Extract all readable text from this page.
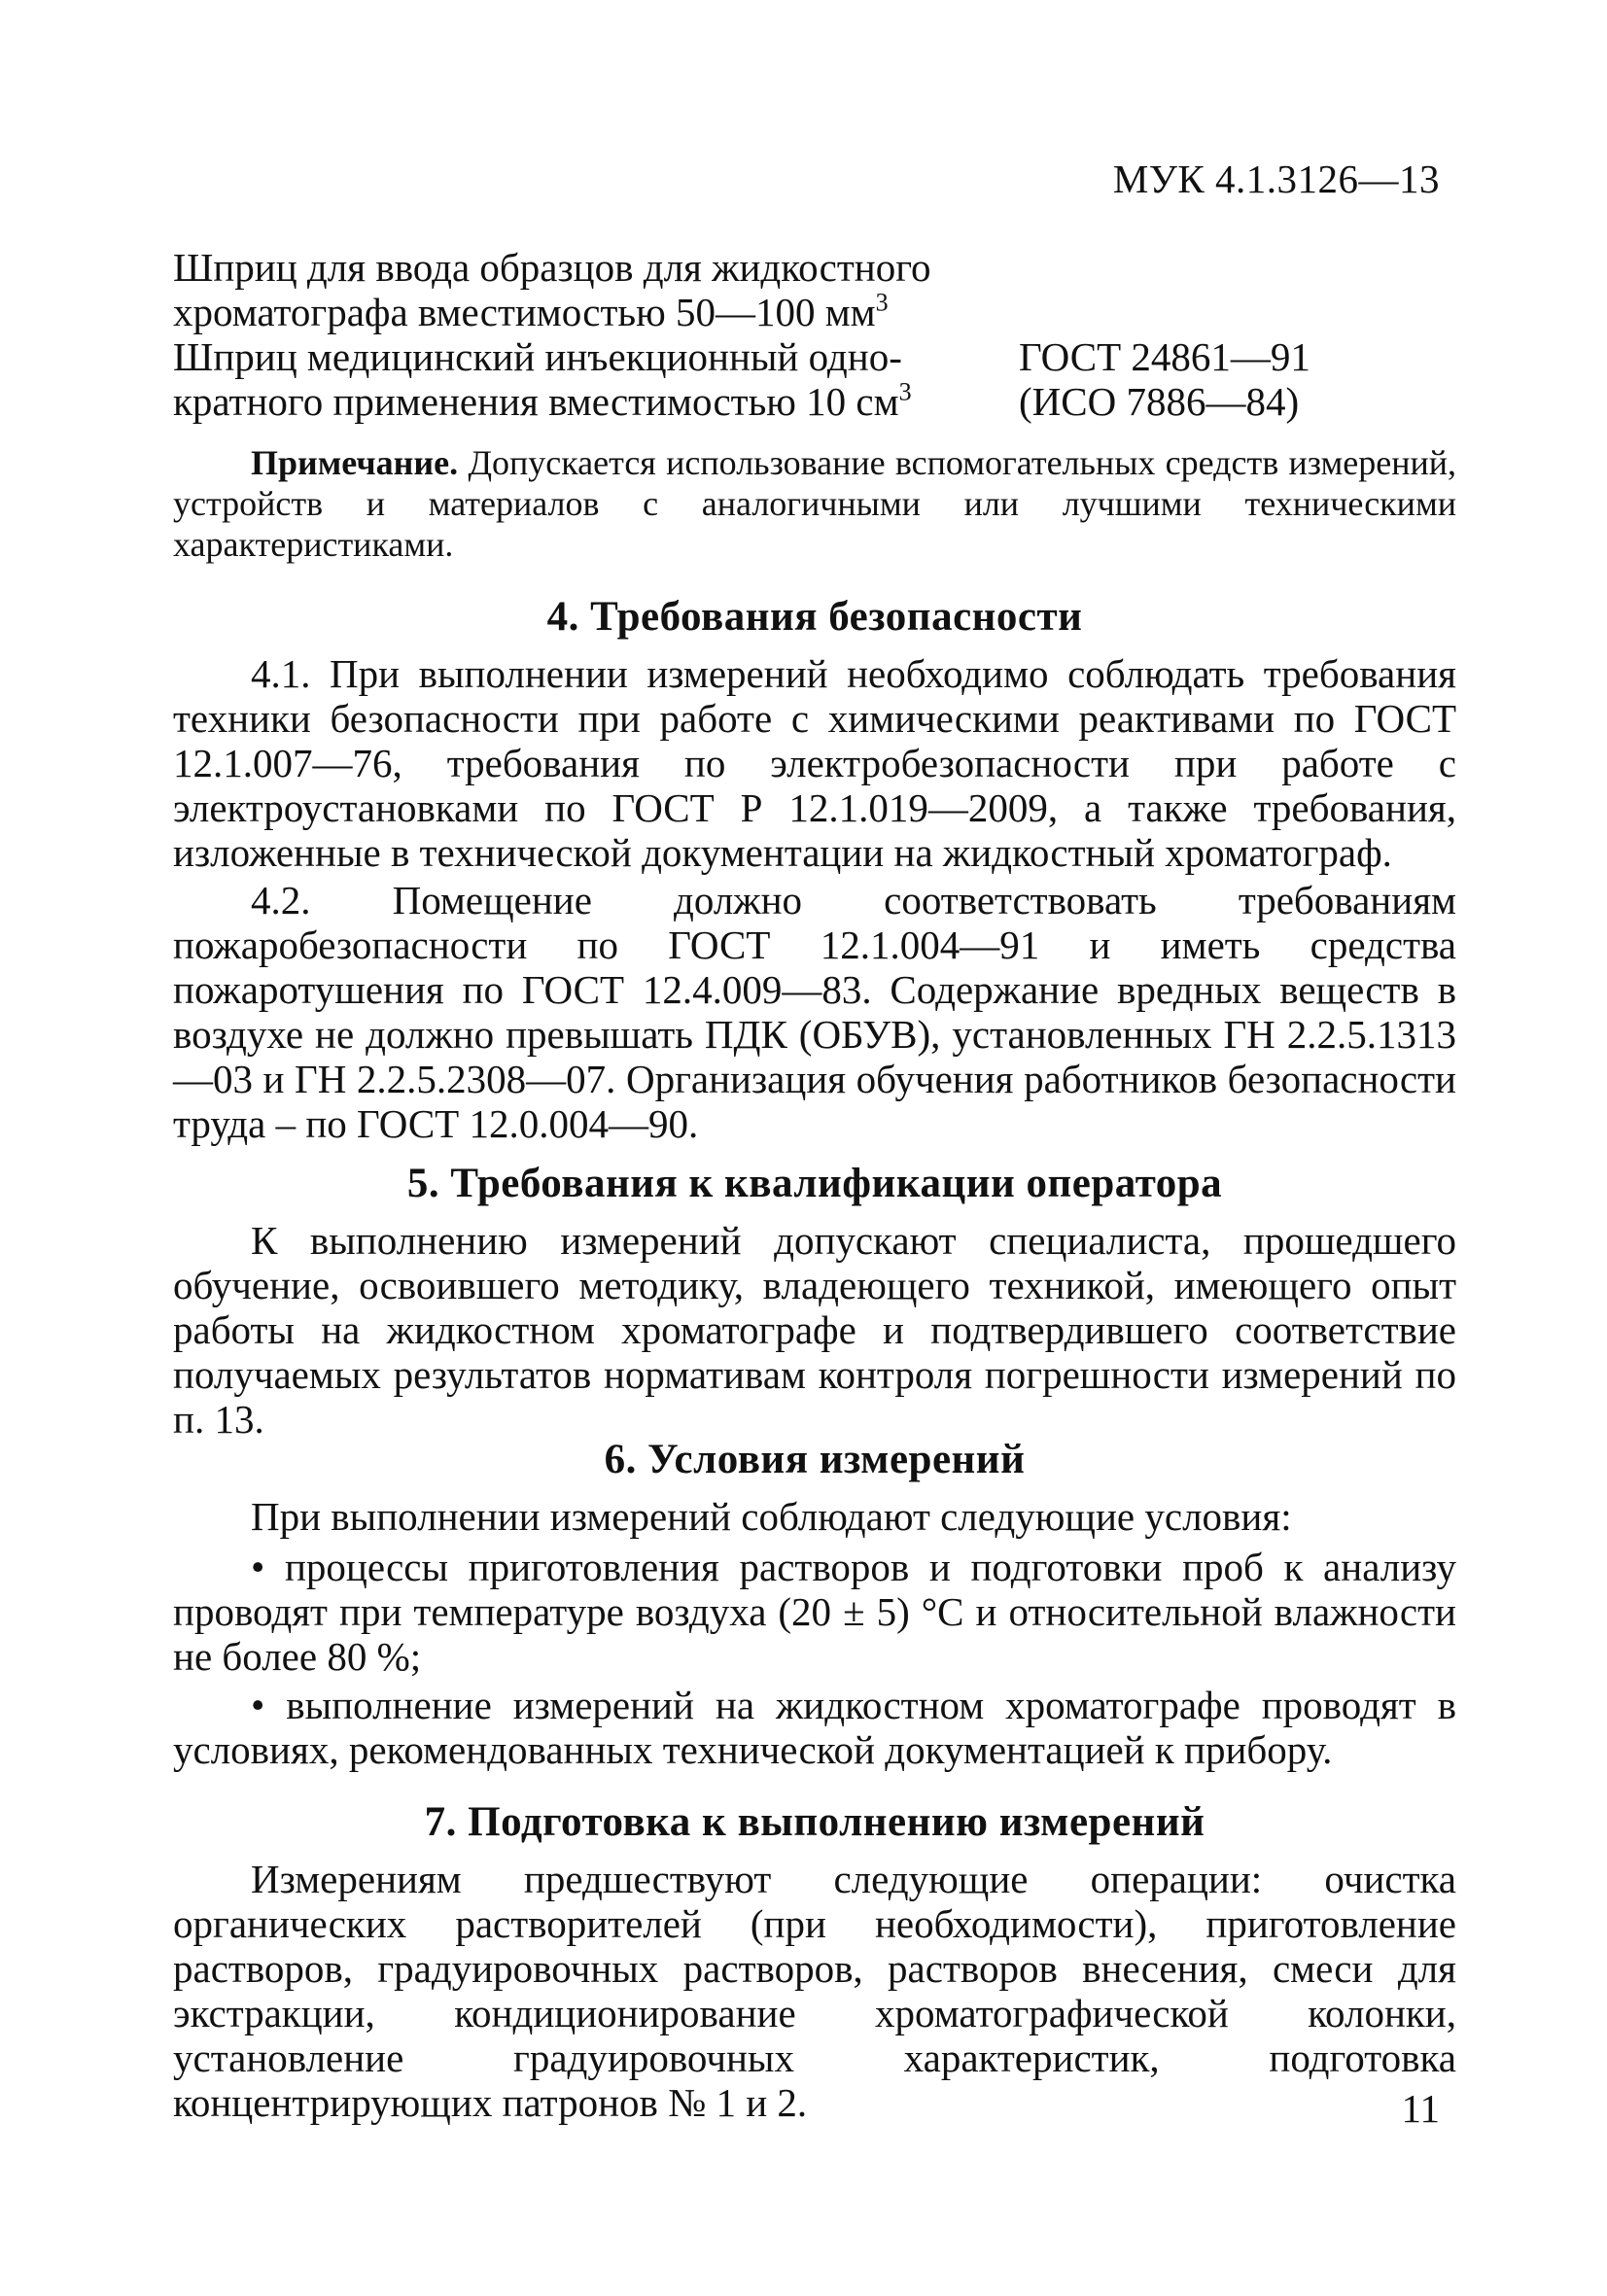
МУК 4.1.3126—13
Шприц для ввода образцов для жидкостного
хроматографа вместимостью 50—100 $мм^3$
Шприц медицинский инъекционный одно-
кратного применения вместимостью 10 $см^3$
ГОСТ 24861—91
(ИСО 7886—84)
Примечание. Допускается использование вспомогательных средств измерений, устройств и материалов с аналогичными или лучшими техническими характеристиками.
4. Требования безопасности
4.1. При выполнении измерений необходимо соблюдать требования техники безопасности при работе с химическими реактивами по ГОСТ 12.1.007—76, требования по электробезопасности при работе с электроустановками по ГОСТ Р 12.1.019—2009, а также требования, изложенные в технической документации на жидкостный хроматограф.
4.2. Помещение должно соответствовать требованиям пожаробезопасности по ГОСТ 12.1.004—91 и иметь средства пожаротушения по ГОСТ 12.4.009—83. Содержание вредных веществ в воздухе не должно превышать ПДК (ОБУВ), установленных ГН 2.2.5.1313—03 и ГН 2.2.5.2308—07. Организация обучения работников безопасности труда – по ГОСТ 12.0.004—90.
5. Требования к квалификации оператора
К выполнению измерений допускают специалиста, прошедшего обучение, освоившего методику, владеющего техникой, имеющего опыт работы на жидкостном хроматографе и подтвердившего соответствие получаемых результатов нормативам контроля погрешности измерений по п. 13.
6. Условия измерений
При выполнении измерений соблюдают следующие условия:
• процессы приготовления растворов и подготовки проб к анализу проводят при температуре воздуха (20 ± 5) °С и относительной влажности не более 80 %;
• выполнение измерений на жидкостном хроматографе проводят в условиях, рекомендованных технической документацией к прибору.
7. Подготовка к выполнению измерений
Измерениям предшествуют следующие операции: очистка органических растворителей (при необходимости), приготовление растворов, градуировочных растворов, растворов внесения, смеси для экстракции, кондиционирование хроматографической колонки, установление градуировочных характеристик, подготовка концентрирующих патронов № 1 и 2.	11
